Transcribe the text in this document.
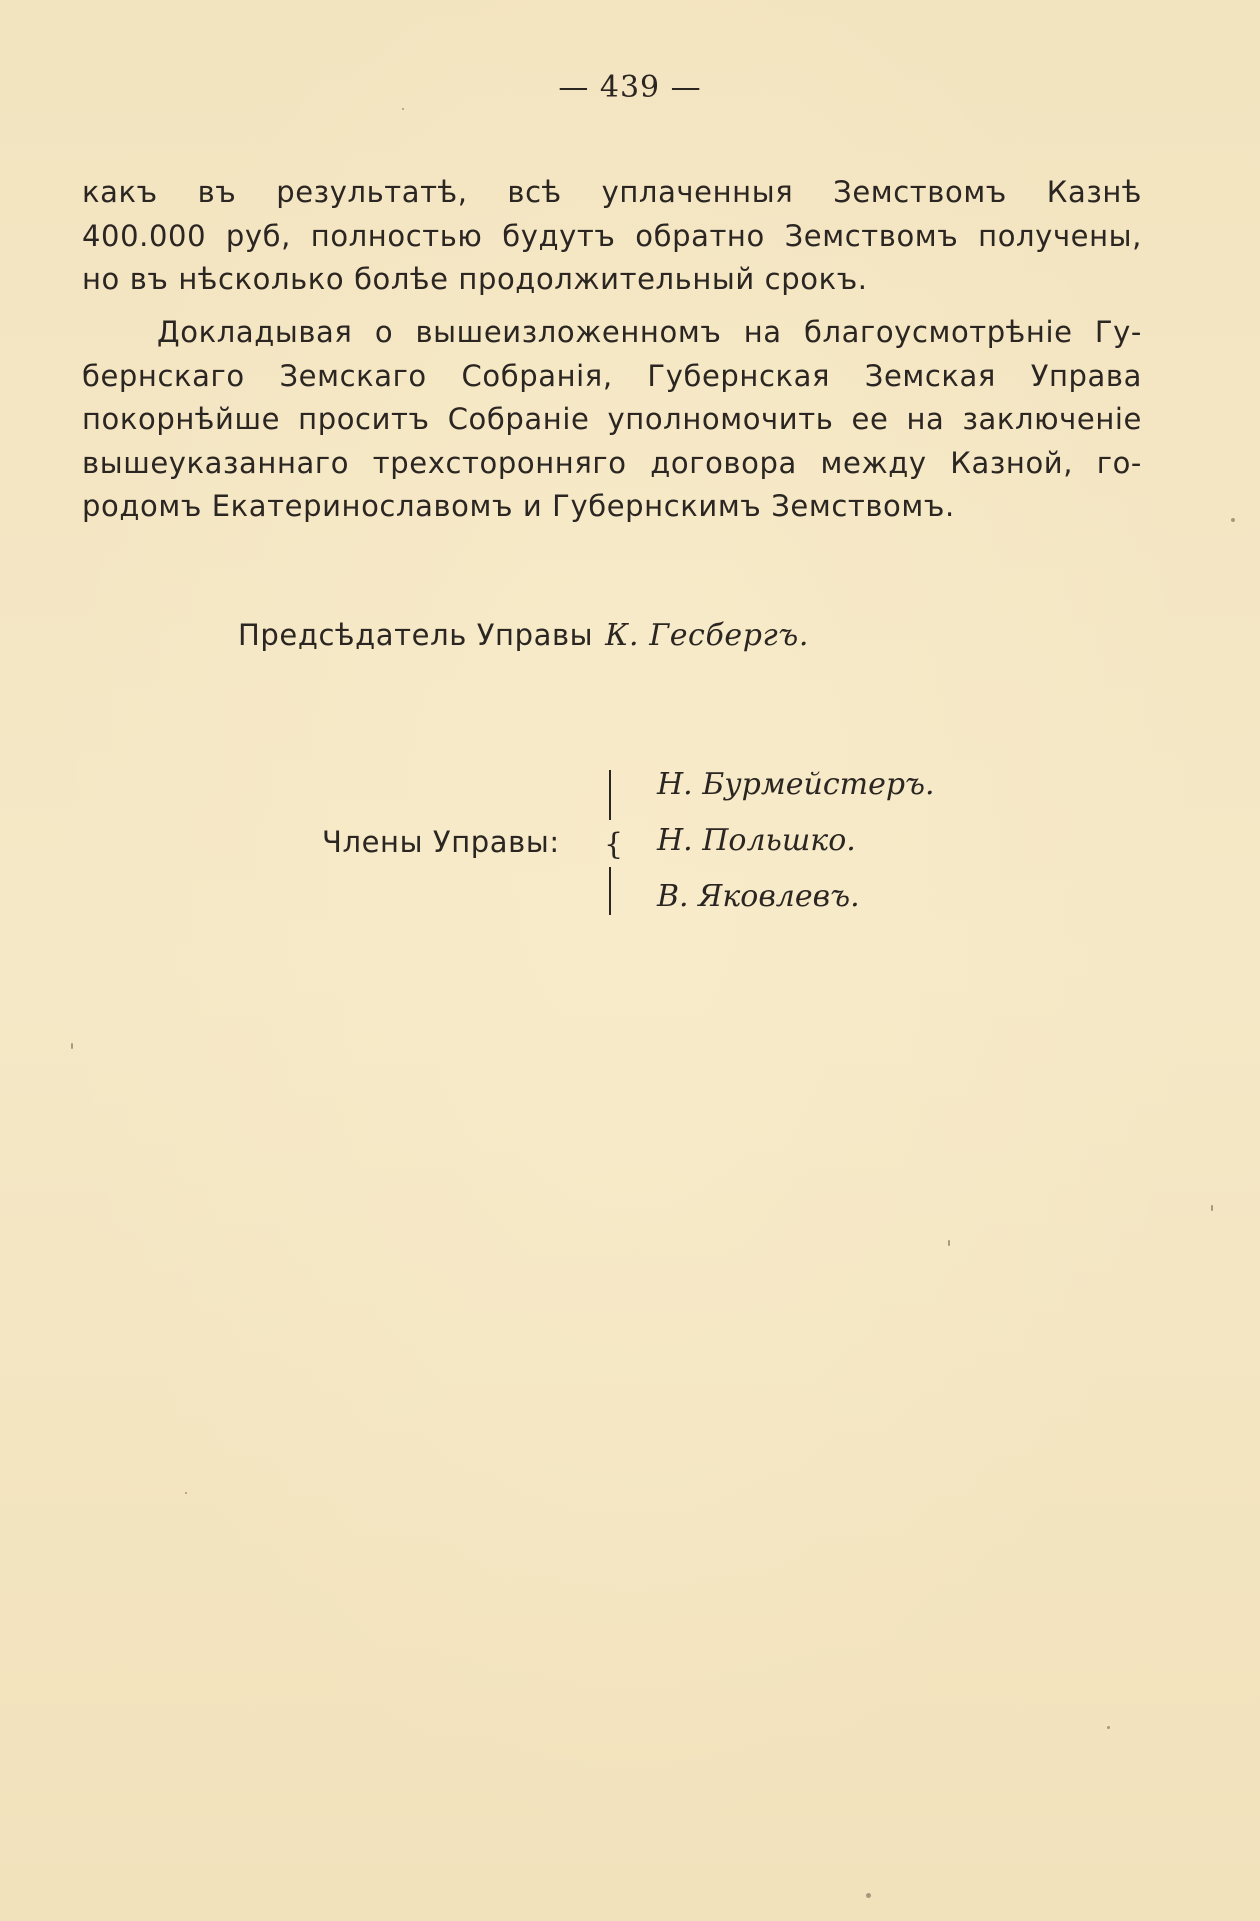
— 439 —
какъ въ результатѣ, всѣ уплаченныя Земствомъ Казнѣ
400.000 руб, полностью будутъ обратно Земствомъ получены,
но въ нѣсколько болѣе продолжительный срокъ.
Докладывая о вышеизложенномъ на благоусмотрѣніе Гу-
бернскаго Земскаго Собранія, Губернская Земская Управа
покорнѣйше проситъ Собраніе уполномочить ее на заключеніе
вышеуказаннаго трехсторонняго договора между Казной, го-
родомъ Екатеринославомъ и Губернскимъ Земствомъ.
Предсѣдатель Управы К. Гесбергъ.
Члены Управы: {
Н. Бурмейстеръ.
Н. Польшко.
В. Яковлевъ.
